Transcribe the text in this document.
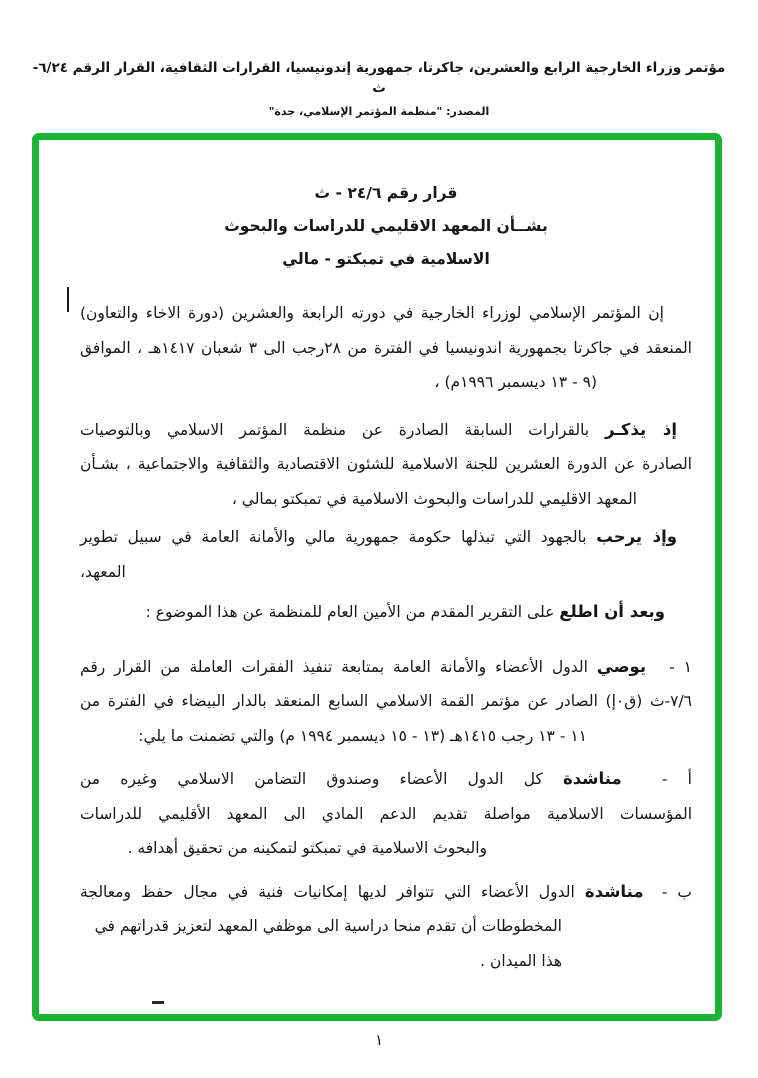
مؤتمر وزراء الخارجية الرابع والعشرين، جاكرتا، جمهورية إندونيسيا، القرارات الثقافية، القرار الرقم ٦/٢٤-ث
المصدر: "منظمة المؤتمر الإسلامي، جدة"
قرار رقم ٢٤/٦ - ث
بشــأن المعهد الاقليمي للدراسات والبحوث
الاسلامية في تمبكتو - مالي
إن المؤتمر الإسلامي لوزراء الخارجية في دورته الرابعة والعشرين (دورة الاخاء والتعاون)
المنعقد في جاكرتا بجمهورية اندونيسيا في الفترة من ٢٨رجب الى ٣ شعبان ١٤١٧هـ ، الموافق
(٩ - ١٣ ديسمبر ١٩٩٦م) ،
إذ يذكـر بالقرارات السابقة الصادرة عن منظمة المؤتمر الاسلامي وبالتوصيات
الصادرة عن الدورة العشرين للجنة الاسلامية للشئون الاقتصادية والثقافية والاجتماعية ، بشـأن
المعهد الاقليمي للدراسات والبحوث الاسلامية في تمبكتو بمالي ،
وإذ يرحب بالجهود التي تبذلها حكومة جمهورية مالي والأمانة العامة في سبيل تطوير
المعهد،
وبعد أن اطلع على التقرير المقدم من الأمين العام للمنظمة عن هذا الموضوع :
١ - يوصي الدول الأعضاء والأمانة العامة بمتابعة تنفيذ الفقرات العاملة من القرار رقم
٧/٦-ث (ق٠إ) الصادر عن مؤتمر القمة الاسلامي السابع المنعقد بالدار البيضاء في الفترة من
١١ - ١٣ رجب ١٤١٥هـ (١٣ - ١٥ ديسمبر ١٩٩٤ م) والتي تضمنت ما يلي:
أ - مناشدة كل الدول الأعضاء وصندوق التضامن الاسلامي وغيره من
المؤسسات الاسلامية مواصلة تقديم الدعم المادي الى المعهد الأقليمي للدراسات
والبحوث الاسلامية في تمبكتو لتمكينه من تحقيق أهدافه .
ب - مناشدة الدول الأعضاء التي تتوافر لديها إمكانيات فنية في مجال حفظ ومعالجة
المخطوطات أن تقدم منحا دراسية الى موظفي المعهد لتعزيز قدراتهم في هذا الميدان .
١
